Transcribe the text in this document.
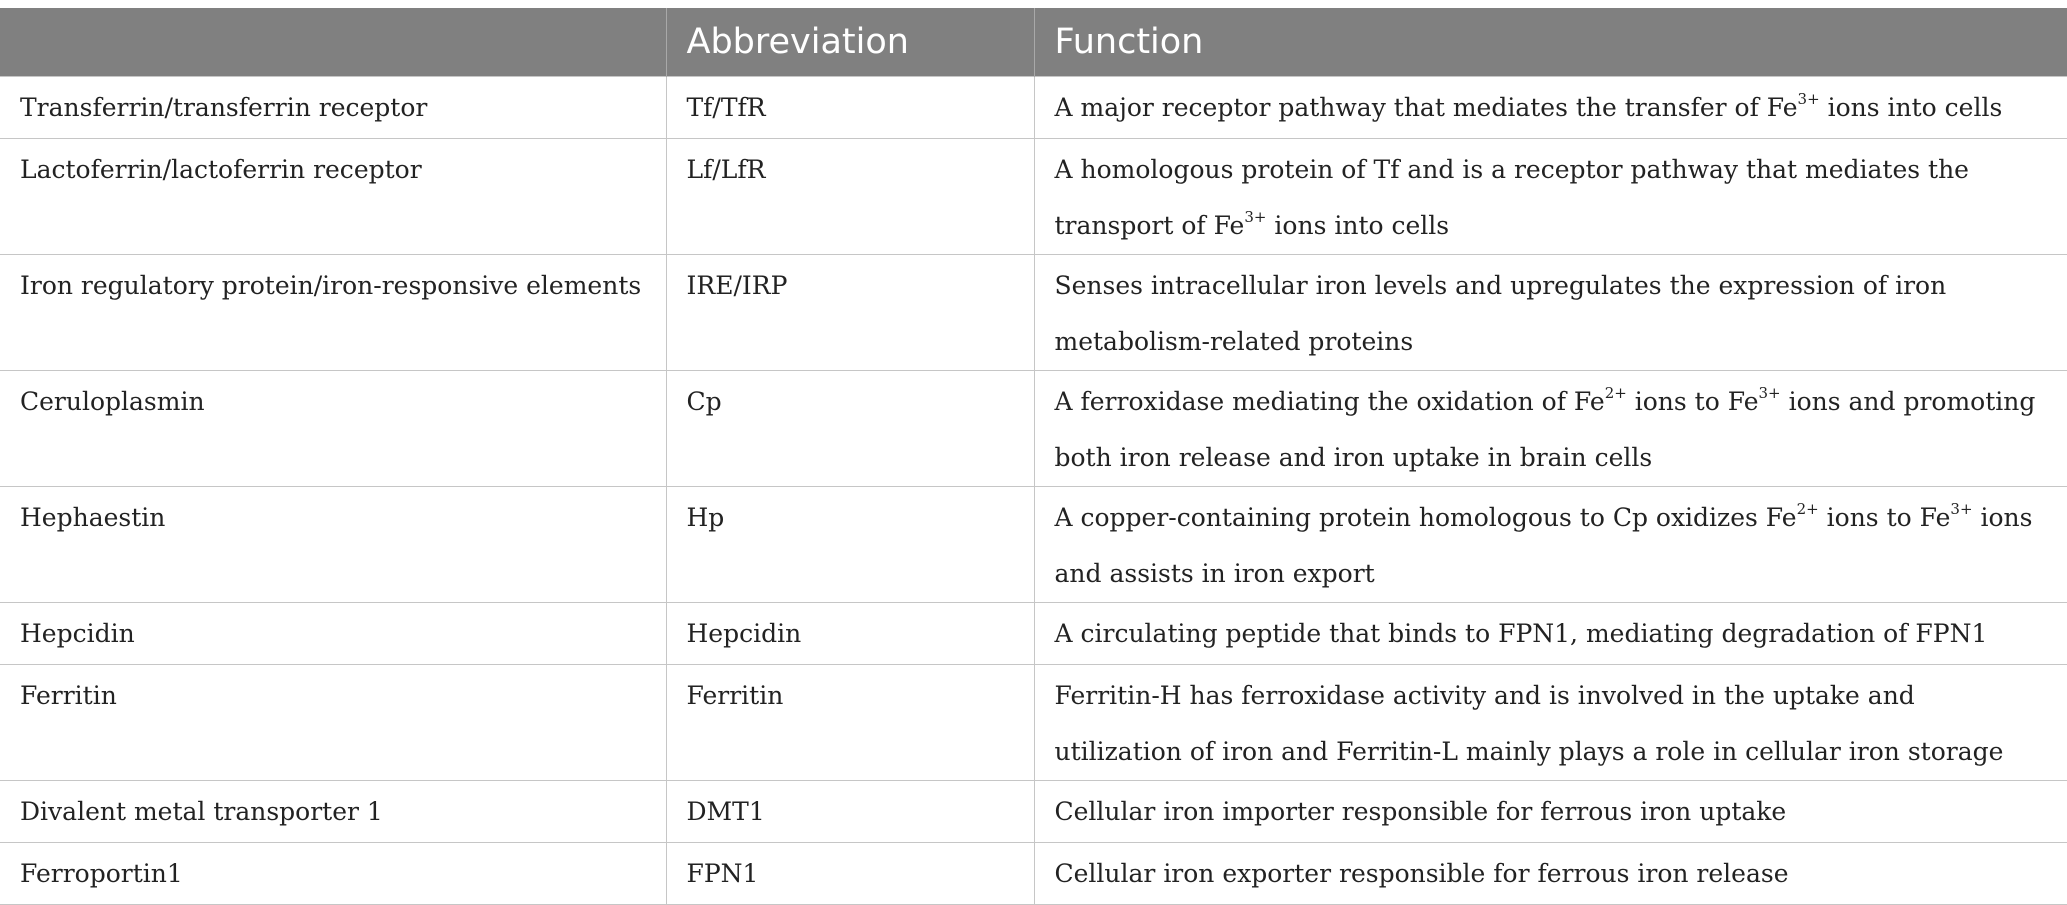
	Abbreviation	Function
Transferrin/transferrin receptor	Tf/TfR	A major receptor pathway that mediates the transfer of $Fe^{3+}$ ions into cells
Lactoferrin/lactoferrin receptor	Lf/LfR	A homologous protein of Tf and is a receptor pathway that mediates the transport of $Fe^{3+}$ ions into cells
Iron regulatory protein/iron-responsive elements	IRE/IRP	Senses intracellular iron levels and upregulates the expression of iron metabolism-related proteins
Ceruloplasmin	Cp	A ferroxidase mediating the oxidation of $Fe^{2+}$ ions to $Fe^{3+}$ ions and promoting both iron release and iron uptake in brain cells
Hephaestin	Hp	A copper-containing protein homologous to Cp oxidizes $Fe^{2+}$ ions to $Fe^{3+}$ ions and assists in iron export
Hepcidin	Hepcidin	A circulating peptide that binds to FPN1, mediating degradation of FPN1
Ferritin	Ferritin	Ferritin-H has ferroxidase activity and is involved in the uptake and utilization of iron and Ferritin-L mainly plays a role in cellular iron storage
Divalent metal transporter 1	DMT1	Cellular iron importer responsible for ferrous iron uptake
Ferroportin1	FPN1	Cellular iron exporter responsible for ferrous iron release
